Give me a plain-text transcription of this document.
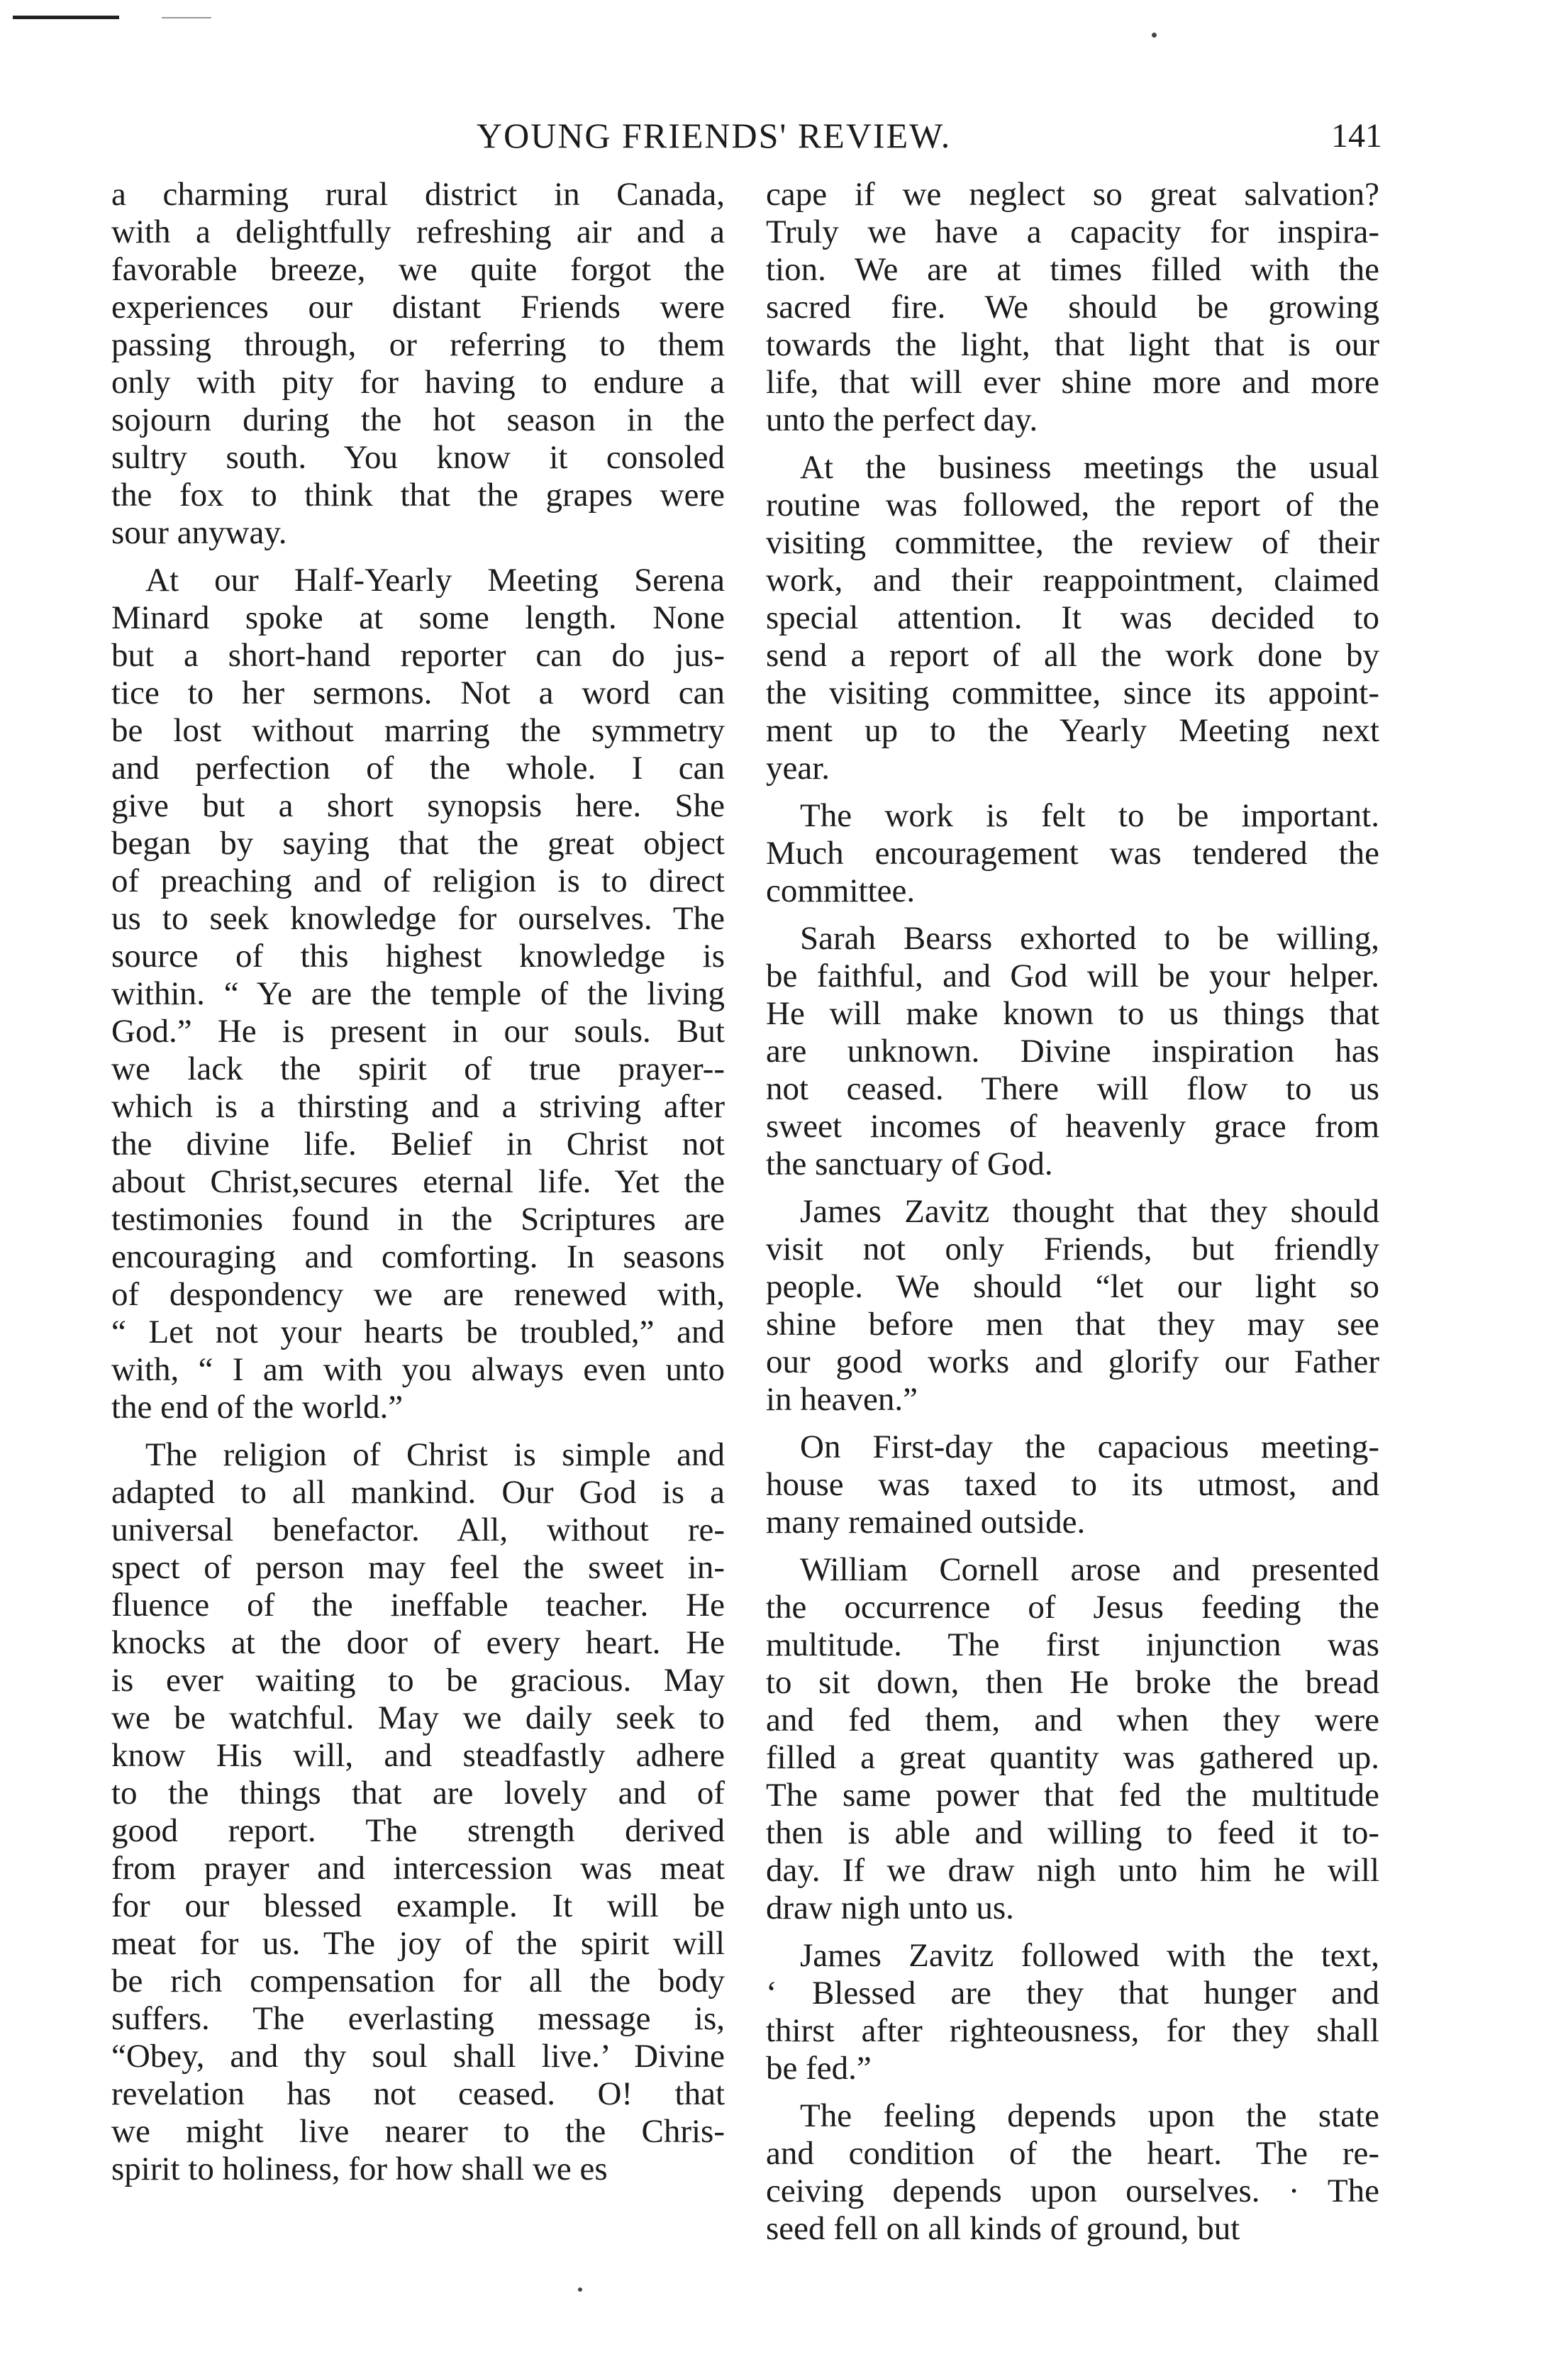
YOUNG FRIENDS' REVIEW.	141
a charming rural district in Canada,
with a delightfully refreshing air and a
favorable breeze, we quite forgot the
experiences our distant Friends were
passing through, or referring to them
only with pity for having to endure a
sojourn during the hot season in the
sultry south. You know it consoled
the fox to think that the grapes were
sour anyway.
At our Half-Yearly Meeting Serena
Minard spoke at some length. None
but a short-hand reporter can do jus-
tice to her sermons. Not a word can
be lost without marring the symmetry
and perfection of the whole. I can
give but a short synopsis here. She
began by saying that the great object
of preaching and of religion is to direct
us to seek knowledge for ourselves. The
source of this highest knowledge is
within. “ Ye are the temple of the living
God.” He is present in our souls. But
we lack the spirit of true prayer--
which is a thirsting and a striving after
the divine life. Belief in Christ not
about Christ,secures eternal life. Yet the
testimonies found in the Scriptures are
encouraging and comforting. In seasons
of despondency we are renewed with,
“ Let not your hearts be troubled,” and
with, “ I am with you always even unto
the end of the world.”
The religion of Christ is simple and
adapted to all mankind. Our God is a
universal benefactor. All, without re-
spect of person may feel the sweet in-
fluence of the ineffable teacher. He
knocks at the door of every heart. He
is ever waiting to be gracious. May
we be watchful. May we daily seek to
know His will, and steadfastly adhere
to the things that are lovely and of
good report. The strength derived
from prayer and intercession was meat
for our blessed example. It will be
meat for us. The joy of the spirit will
be rich compensation for all the body
suffers. The everlasting message is,
“Obey, and thy soul shall live.’ Divine
revelation has not ceased. O! that
we might live nearer to the Chris-
spirit to holiness, for how shall we es
cape if we neglect so great salvation?
Truly we have a capacity for inspira-
tion. We are at times filled with the
sacred fire. We should be growing
towards the light, that light that is our
life, that will ever shine more and more
unto the perfect day.
At the business meetings the usual
routine was followed, the report of the
visiting committee, the review of their
work, and their reappointment, claimed
special attention. It was decided to
send a report of all the work done by
the visiting committee, since its appoint-
ment up to the Yearly Meeting next
year.
The work is felt to be important.
Much encouragement was tendered the
committee.
Sarah Bearss exhorted to be willing,
be faithful, and God will be your helper.
He will make known to us things that
are unknown. Divine inspiration has
not ceased. There will flow to us
sweet incomes of heavenly grace from
the sanctuary of God.
James Zavitz thought that they should
visit not only Friends, but friendly
people. We should “let our light so
shine before men that they may see
our good works and glorify our Father
in heaven.”
On First-day the capacious meeting-
house was taxed to its utmost, and
many remained outside.
William Cornell arose and presented
the occurrence of Jesus feeding the
multitude. The first injunction was
to sit down, then He broke the bread
and fed them, and when they were
filled a great quantity was gathered up.
The same power that fed the multitude
then is able and willing to feed it to-
day. If we draw nigh unto him he will
draw nigh unto us.
James Zavitz followed with the text,
‘ Blessed are they that hunger and
thirst after righteousness, for they shall
be fed.”
The feeling depends upon the state
and condition of the heart. The re-
ceiving depends upon ourselves. · The
seed fell on all kinds of ground, but
